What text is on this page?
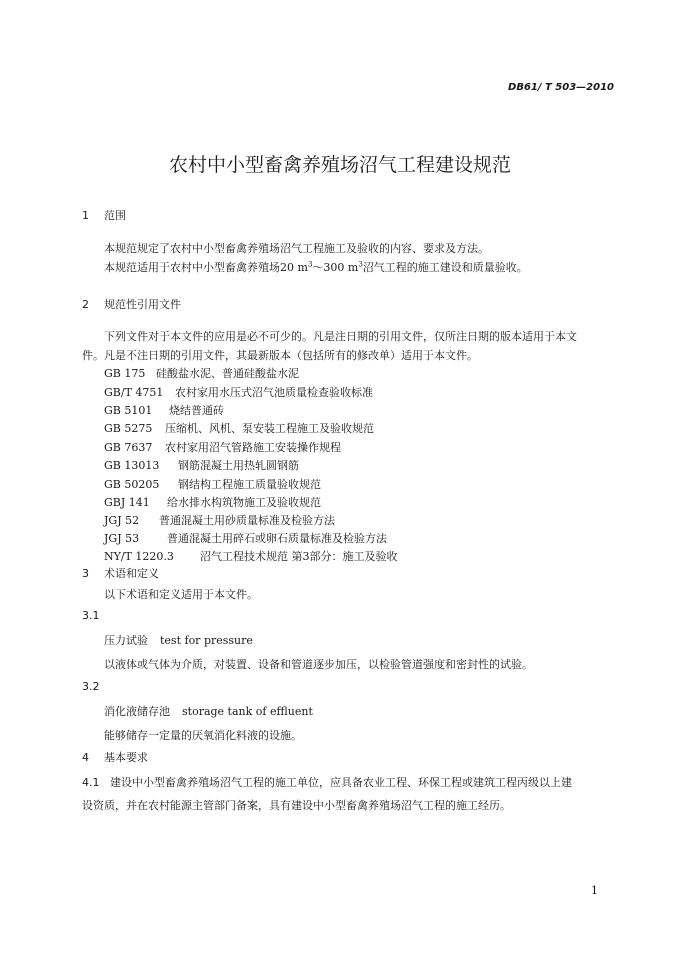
DB61/ T 503—2010
农村中小型畜禽养殖场沼气工程建设规范
1 范围
本规范规定了农村中小型畜禽养殖场沼气工程施工及验收的内容、要求及方法。
本规范适用于农村中小型畜禽养殖场20 $m^3\sim 300$ $m^3$沼气工程的施工建设和质量验收。
2 规范性引用文件
下列文件对于本文件的应用是必不可少的。凡是注日期的引用文件，仅所注日期的版本适用于本文
件。凡是不注日期的引用文件，其最新版本（包括所有的修改单）适用于本文件。
GB 175 硅酸盐水泥、普通硅酸盐水泥
GB/T 4751 农村家用水压式沼气池质量检查验收标准
GB 5101 烧结普通砖
GB 5275 压缩机、风机、泵安装工程施工及验收规范
GB 7637 农村家用沼气管路施工安装操作规程
GB 13013 钢筋混凝土用热轧圆钢筋
GB 50205 钢结构工程施工质量验收规范
GBJ 141 给水排水构筑物施工及验收规范
JGJ 52 普通混凝土用砂质量标准及检验方法
JGJ 53	普通混凝土用碎石或卵石质量标准及检验方法
NY/T 1220.3 沼气工程技术规范 第3部分：施工及验收
3 术语和定义
以下术语和定义适用于本文件。
3.1
压力试验 test for pressure
以液体或气体为介质，对装置、设备和管道逐步加压，以检验管道强度和密封性的试验。
3.2
消化液储存池 storage tank of effluent
能够储存一定量的厌氧消化料液的设施。
4 基本要求
4.1 建设中小型畜禽养殖场沼气工程的施工单位，应具备农业工程、环保工程或建筑工程丙级以上建
设资质，并在农村能源主管部门备案，具有建设中小型畜禽养殖场沼气工程的施工经历。
1
